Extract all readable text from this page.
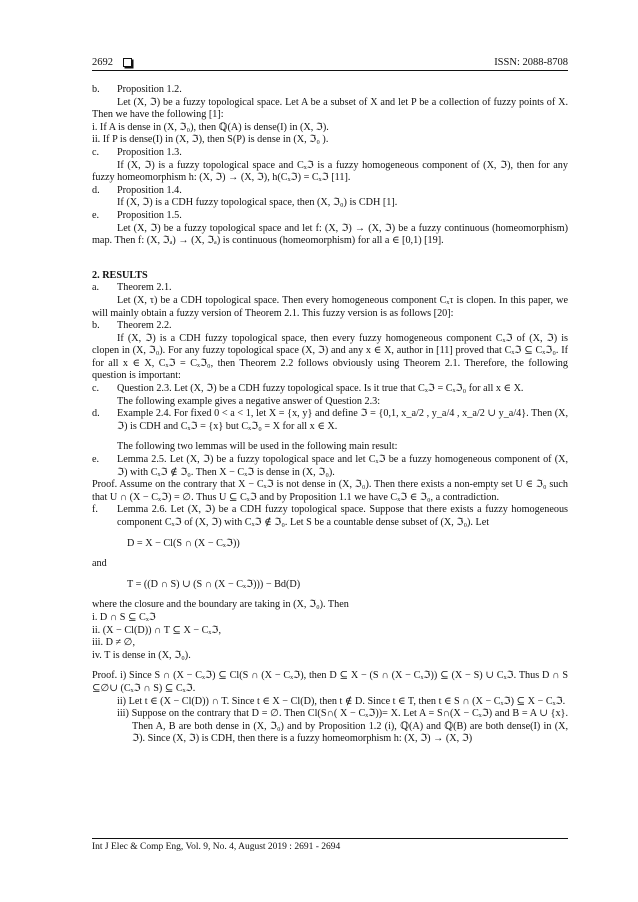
2692	ISSN: 2088-8708
b.	Proposition 1.2.

Let (X, ℑ) be a fuzzy topological space. Let A be a subset of X and let P be a collection of fuzzy points of X. Then we have the following [1]:

i. If A is dense in (X, ℑ₀), then ℚ(A) is dense(I) in (X, ℑ).

ii. If P is dense(I) in (X, ℑ), then S(P) is dense in (X, ℑ₀ ).

c.	Proposition 1.3.

If (X, ℑ) is a fuzzy topological space and Cₓℑ is a fuzzy homogeneous component of (X, ℑ), then for any fuzzy homeomorphism h: (X, ℑ) → (X, ℑ), h(Cₓℑ) = Cₓℑ [11].

d.	Proposition 1.4.

If (X, ℑ) is a CDH fuzzy topological space, then (X, ℑ₀) is CDH [1].

e.	Proposition 1.5.

Let (X, ℑ) be a fuzzy topological space and let f: (X, ℑ) → (X, ℑ) be a fuzzy continuous (homeomorphism) map. Then f: (X, ℑₐ) → (X, ℑₐ) is continuous (homeomorphism) for all a ∈ [0,1) [19].

2. RESULTS

a.	Theorem 2.1.

Let (X, τ) be a CDH topological space. Then every homogeneous component Cₓτ is clopen. In this paper, we will mainly obtain a fuzzy version of Theorem 2.1. This fuzzy version is as follows [20]:

b.	Theorem 2.2.

If (X, ℑ) is a CDH fuzzy topological space, then every fuzzy homogeneous component Cₓℑ of (X, ℑ) is clopen in (X, ℑ₀). For any fuzzy topological space (X, ℑ) and any x ∈ X, author in [11] proved that Cₓℑ ⊆ Cₓℑ₀. If for all x ∈ X, Cₓℑ = Cₓℑ₀, then Theorem 2.2 follows obviously using Theorem 2.1. Therefore, the following question is important:

c.	Question 2.3. Let (X, ℑ) be a CDH fuzzy topological space. Is it true that Cₓℑ = Cₓℑ₀ for all x ∈ X.

The following example gives a negative answer of Question 2.3:

d.	Example 2.4. For fixed 0 < a < 1, let X = {x, y} and define ℑ = {0,1, x_a/2 , y_a/4 , x_a/2 ∪ y_a/4}. Then (X, ℑ) is CDH and Cₓℑ = {x} but Cₓℑ₀ = X for all x ∈ X.

The following two lemmas will be used in the following main result:

e.	Lemma 2.5. Let (X, ℑ) be a fuzzy topological space and let Cₓℑ be a fuzzy homogeneous component of (X, ℑ) with Cₓℑ ∉ ℑ₀. Then X − Cₓℑ is dense in (X, ℑ₀).

Proof. Assume on the contrary that X − Cₓℑ is not dense in (X, ℑ₀). Then there exists a non-empty set U ∈ ℑ₀ such that U ∩ (X − Cₓℑ) = ∅. Thus U ⊆ Cₓℑ and by Proposition 1.1 we have Cₓℑ ∈ ℑ₀, a contradiction.

f.	Lemma 2.6. Let (X, ℑ) be a CDH fuzzy topological space. Suppose that there exists a fuzzy homogeneous component Cₓℑ of (X, ℑ) with Cₓℑ ∉ ℑ₀. Let S be a countable dense subset of (X, ℑ₀). Let

D = X − Cl(S ∩ (X − Cₓℑ))

and

T = ((D ∩ S) ∪ (S ∩ (X − Cₓℑ))) − Bd(D)

where the closure and the boundary are taking in (X, ℑ₀). Then

i. D ∩ S ⊆ Cₓℑ

ii. (X − Cl(D)) ∩ T ⊆ X − Cₓℑ,

iii. D ≠ ∅,

iv. T is dense in (X, ℑ₀).

Proof. i) Since S ∩ (X − Cₓℑ) ⊆ Cl(S ∩ (X − Cₓℑ), then D ⊆ X − (S ∩ (X − Cₓℑ)) ⊆ (X − S) ∪ Cₓℑ. Thus D ∩ S ⊆∅∪ (Cₓℑ ∩ S) ⊆ Cₓℑ.

ii) Let t ∈ (X − Cl(D)) ∩ T. Since t ∈ X − Cl(D), then t ∉ D. Since t ∈ T, then t ∈ S ∩ (X − Cₓℑ) ⊆ X − Cₓℑ.

iii) Suppose on the contrary that D = ∅. Then Cl(S∩( X − Cₓℑ))= X. Let A = S∩(X − Cₓℑ) and B = A ∪ {x}. Then A, B are both dense in (X, ℑ₀) and by Proposition 1.2 (i), ℚ(A) and ℚ(B) are both dense(I) in (X, ℑ). Since (X, ℑ) is CDH, then there is a fuzzy homeomorphism h: (X, ℑ) → (X, ℑ)

Int J Elec & Comp Eng, Vol. 9, No. 4, August 2019 : 2691 - 2694
